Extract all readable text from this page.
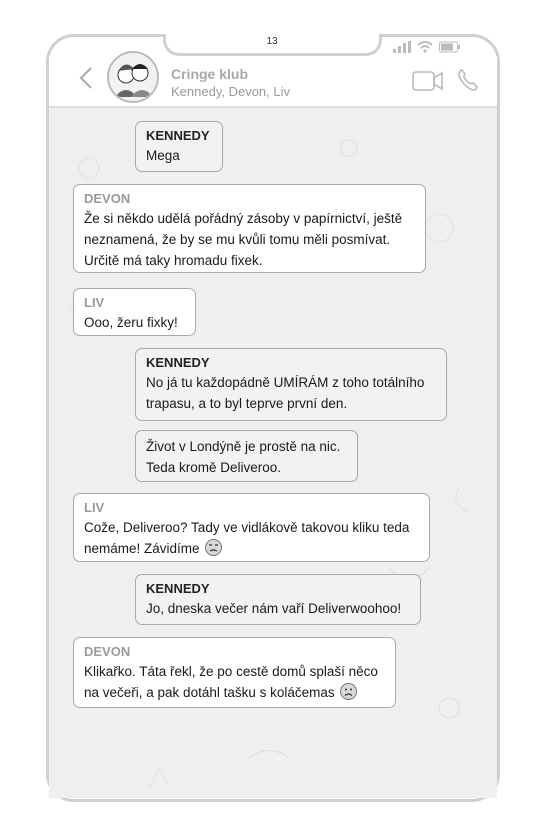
13
Cringe klub
Kennedy, Devon, Liv
KENNEDY
Mega
DEVON
Že si někdo udělá pořádný zásoby v papírnictví, ještě
neznamená, že by se mu kvůli tomu měli posmívat.
Určitě má taky hromadu fixek.
LIV
Ooo, žeru fixky!
KENNEDY
No já tu každopádně UMÍRÁM z toho totálního
trapasu, a to byl teprve první den.
Život v Londýně je prostě na nic.
Teda kromě Deliveroo.
LIV
Cože, Deliveroo? Tady ve vidlákově takovou kliku teda
nemáme! Závidíme
KENNEDY
Jo, dneska večer nám vaří Deliverwoohoo!
DEVON
Klikařko. Táta řekl, že po cestě domů splaší něco
na večeři, a pak dotáhl tašku s koláčemas
